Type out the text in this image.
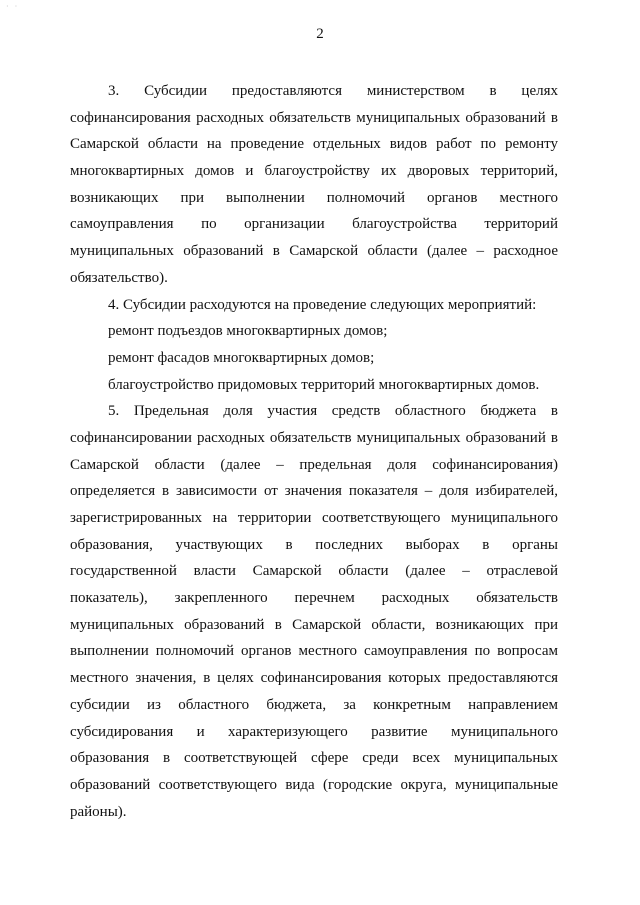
· ·
2
3. Субсидии предоставляются министерством в целях
софинансирования расходных обязательств муниципальных образований в
Самарской области на проведение отдельных видов работ по ремонту
многоквартирных домов и благоустройству их дворовых территорий,
возникающих при выполнении полномочий органов местного
самоуправления по организации благоустройства территорий
муниципальных образований в Самарской области (далее – расходное
обязательство).
4. Субсидии расходуются на проведение следующих мероприятий:
ремонт подъездов многоквартирных домов;
ремонт фасадов многоквартирных домов;
благоустройство придомовых территорий многоквартирных домов.
5. Предельная доля участия средств областного бюджета в
софинансировании расходных обязательств муниципальных образований в
Самарской области (далее – предельная доля софинансирования)
определяется в зависимости от значения показателя – доля избирателей,
зарегистрированных на территории соответствующего муниципального
образования, участвующих в последних выборах в органы
государственной власти Самарской области (далее – отраслевой
показатель), закрепленного перечнем расходных обязательств
муниципальных образований в Самарской области, возникающих при
выполнении полномочий органов местного самоуправления по вопросам
местного значения, в целях софинансирования которых предоставляются
субсидии из областного бюджета, за конкретным направлением
субсидирования и характеризующего развитие муниципального
образования в соответствующей сфере среди всех муниципальных
образований соответствующего вида (городские округа, муниципальные
районы).
